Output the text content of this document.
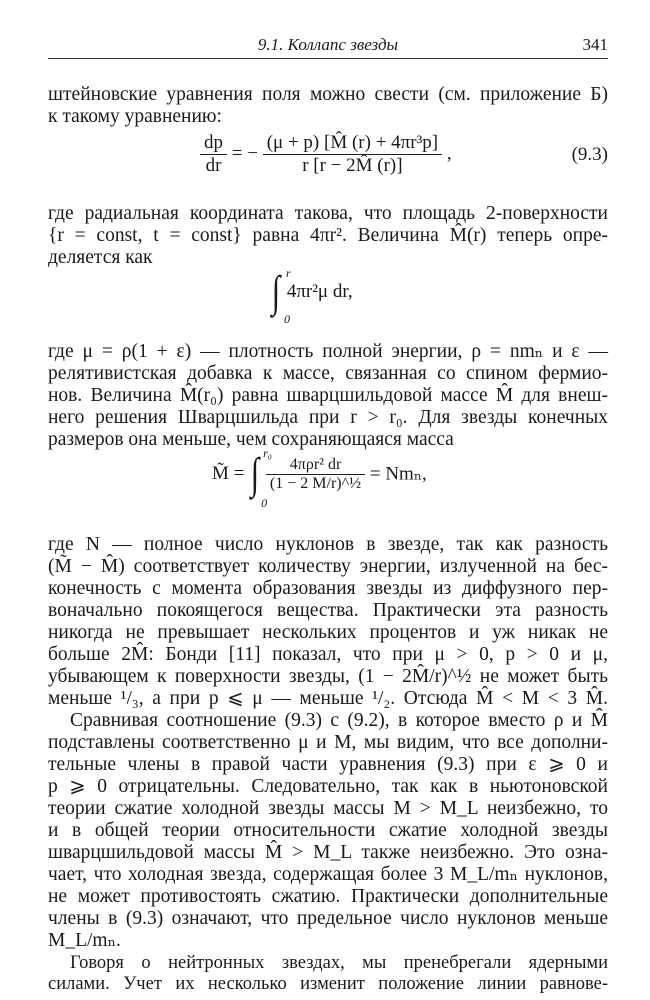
9.1. Коллапс звезды	341
штейновские уравнения поля можно свести (см. приложение Б)
к такому уравнению:
$\frac{dp}{dr}$ = − $\frac{\text{(μ + p) [M̂ (r) + 4πr³p]}}{r [r - 2M̂ (r)]}$ ,	(9.3)
где радиальная координата такова, что площадь 2-поверхности
{r = const, t = const} равна 4πr². Величина M̂(r) теперь опре-
деляется как
r
∫
0
4πr²μ dr,
где μ = ρ(1 + ε) — плотность полной энергии, ρ = nmₙ и ε —
релятивистская добавка к массе, связанная со спином фермио-
нов. Величина M̂(r₀) равна шварцшильдовой массе M̂ для внеш-
него решения Шварцшильда при r > r₀. Для звезды конечных
размеров она меньше, чем сохраняющаяся масса
M̃ =
r₀
∫
0

$\frac{\text{4πρr² dr}}{\text{(1 − 2 M/r)\textasciicircum{}½}} = Nm_n$,
где N — полное число нуклонов в звезде, так как разность
(M̃ − M̂) соответствует количеству энергии, излученной на бес-
конечность с момента образования звезды из диффузного пер-
воначально покоящегося вещества. Практически эта разность
никогда не превышает нескольких процентов и уж никак не
больше 2M̂: Бонди [11] показал, что при μ > 0, p > 0 и μ,
убывающем к поверхности звезды, (1 − 2M̂/r)^½ не может быть
меньше ¹/₃, а при p ⩽ μ — меньше ¹/₂. Отсюда M̂ < M < 3 M̂.
Сравнивая соотношение (9.3) с (9.2), в которое вместо ρ и M̂
подставлены соответственно μ и M, мы видим, что все дополни-
тельные члены в правой части уравнения (9.3) при ε ⩾ 0 и
p ⩾ 0 отрицательны. Следовательно, так как в ньютоновской
теории сжатие холодной звезды массы M > M_L неизбежно, то
и в общей теории относительности сжатие холодной звезды
шварцшильдовой массы M̂ > M_L также неизбежно. Это озна-
чает, что холодная звезда, содержащая более 3 M_L/mₙ нуклонов,
не может противостоять сжатию. Практически дополнительные
члены в (9.3) означают, что предельное число нуклонов меньше
M_L/mₙ.
Говоря о нейтронных звездах, мы пренебрегали ядерными
силами. Учет их несколько изменит положение линии равнове-
